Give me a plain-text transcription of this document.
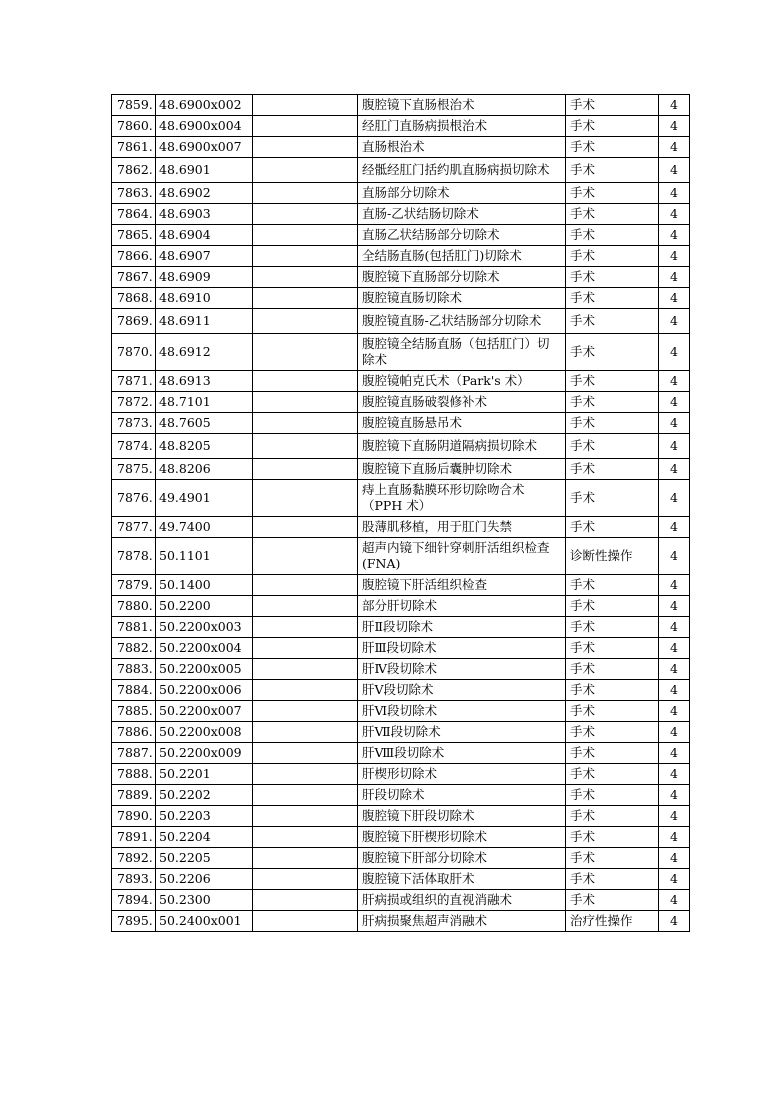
7859.	48.6900x002		腹腔镜下直肠根治术	手术	4
7860.	48.6900x004		经肛门直肠病损根治术	手术	4
7861.	48.6900x007		直肠根治术	手术	4
7862.	48.6901		经骶经肛门括约肌直肠病损切除术	手术	4
7863.	48.6902		直肠部分切除术	手术	4
7864.	48.6903		直肠-乙状结肠切除术	手术	4
7865.	48.6904		直肠乙状结肠部分切除术	手术	4
7866.	48.6907		全结肠直肠(包括肛门)切除术	手术	4
7867.	48.6909		腹腔镜下直肠部分切除术	手术	4
7868.	48.6910		腹腔镜直肠切除术	手术	4
7869.	48.6911		腹腔镜直肠-乙状结肠部分切除术	手术	4
7870.	48.6912		腹腔镜全结肠直肠（包括肛门）切除术	手术	4
7871.	48.6913		腹腔镜帕克氏术（Park's 术）	手术	4
7872.	48.7101		腹腔镜直肠破裂修补术	手术	4
7873.	48.7605		腹腔镜直肠悬吊术	手术	4
7874.	48.8205		腹腔镜下直肠阴道隔病损切除术	手术	4
7875.	48.8206		腹腔镜下直肠后囊肿切除术	手术	4
7876.	49.4901		痔上直肠黏膜环形切除吻合术（PPH 术）	手术	4
7877.	49.7400		股薄肌移植，用于肛门失禁	手术	4
7878.	50.1101		超声内镜下细针穿刺肝活组织检查(FNA)	诊断性操作	4
7879.	50.1400		腹腔镜下肝活组织检查	手术	4
7880.	50.2200		部分肝切除术	手术	4
7881.	50.2200x003		肝Ⅱ段切除术	手术	4
7882.	50.2200x004		肝Ⅲ段切除术	手术	4
7883.	50.2200x005		肝Ⅳ段切除术	手术	4
7884.	50.2200x006		肝Ⅴ段切除术	手术	4
7885.	50.2200x007		肝Ⅵ段切除术	手术	4
7886.	50.2200x008		肝Ⅶ段切除术	手术	4
7887.	50.2200x009		肝Ⅷ段切除术	手术	4
7888.	50.2201		肝楔形切除术	手术	4
7889.	50.2202		肝段切除术	手术	4
7890.	50.2203		腹腔镜下肝段切除术	手术	4
7891.	50.2204		腹腔镜下肝楔形切除术	手术	4
7892.	50.2205		腹腔镜下肝部分切除术	手术	4
7893.	50.2206		腹腔镜下活体取肝术	手术	4
7894.	50.2300		肝病损或组织的直视消融术	手术	4
7895.	50.2400x001		肝病损聚焦超声消融术	治疗性操作	4
